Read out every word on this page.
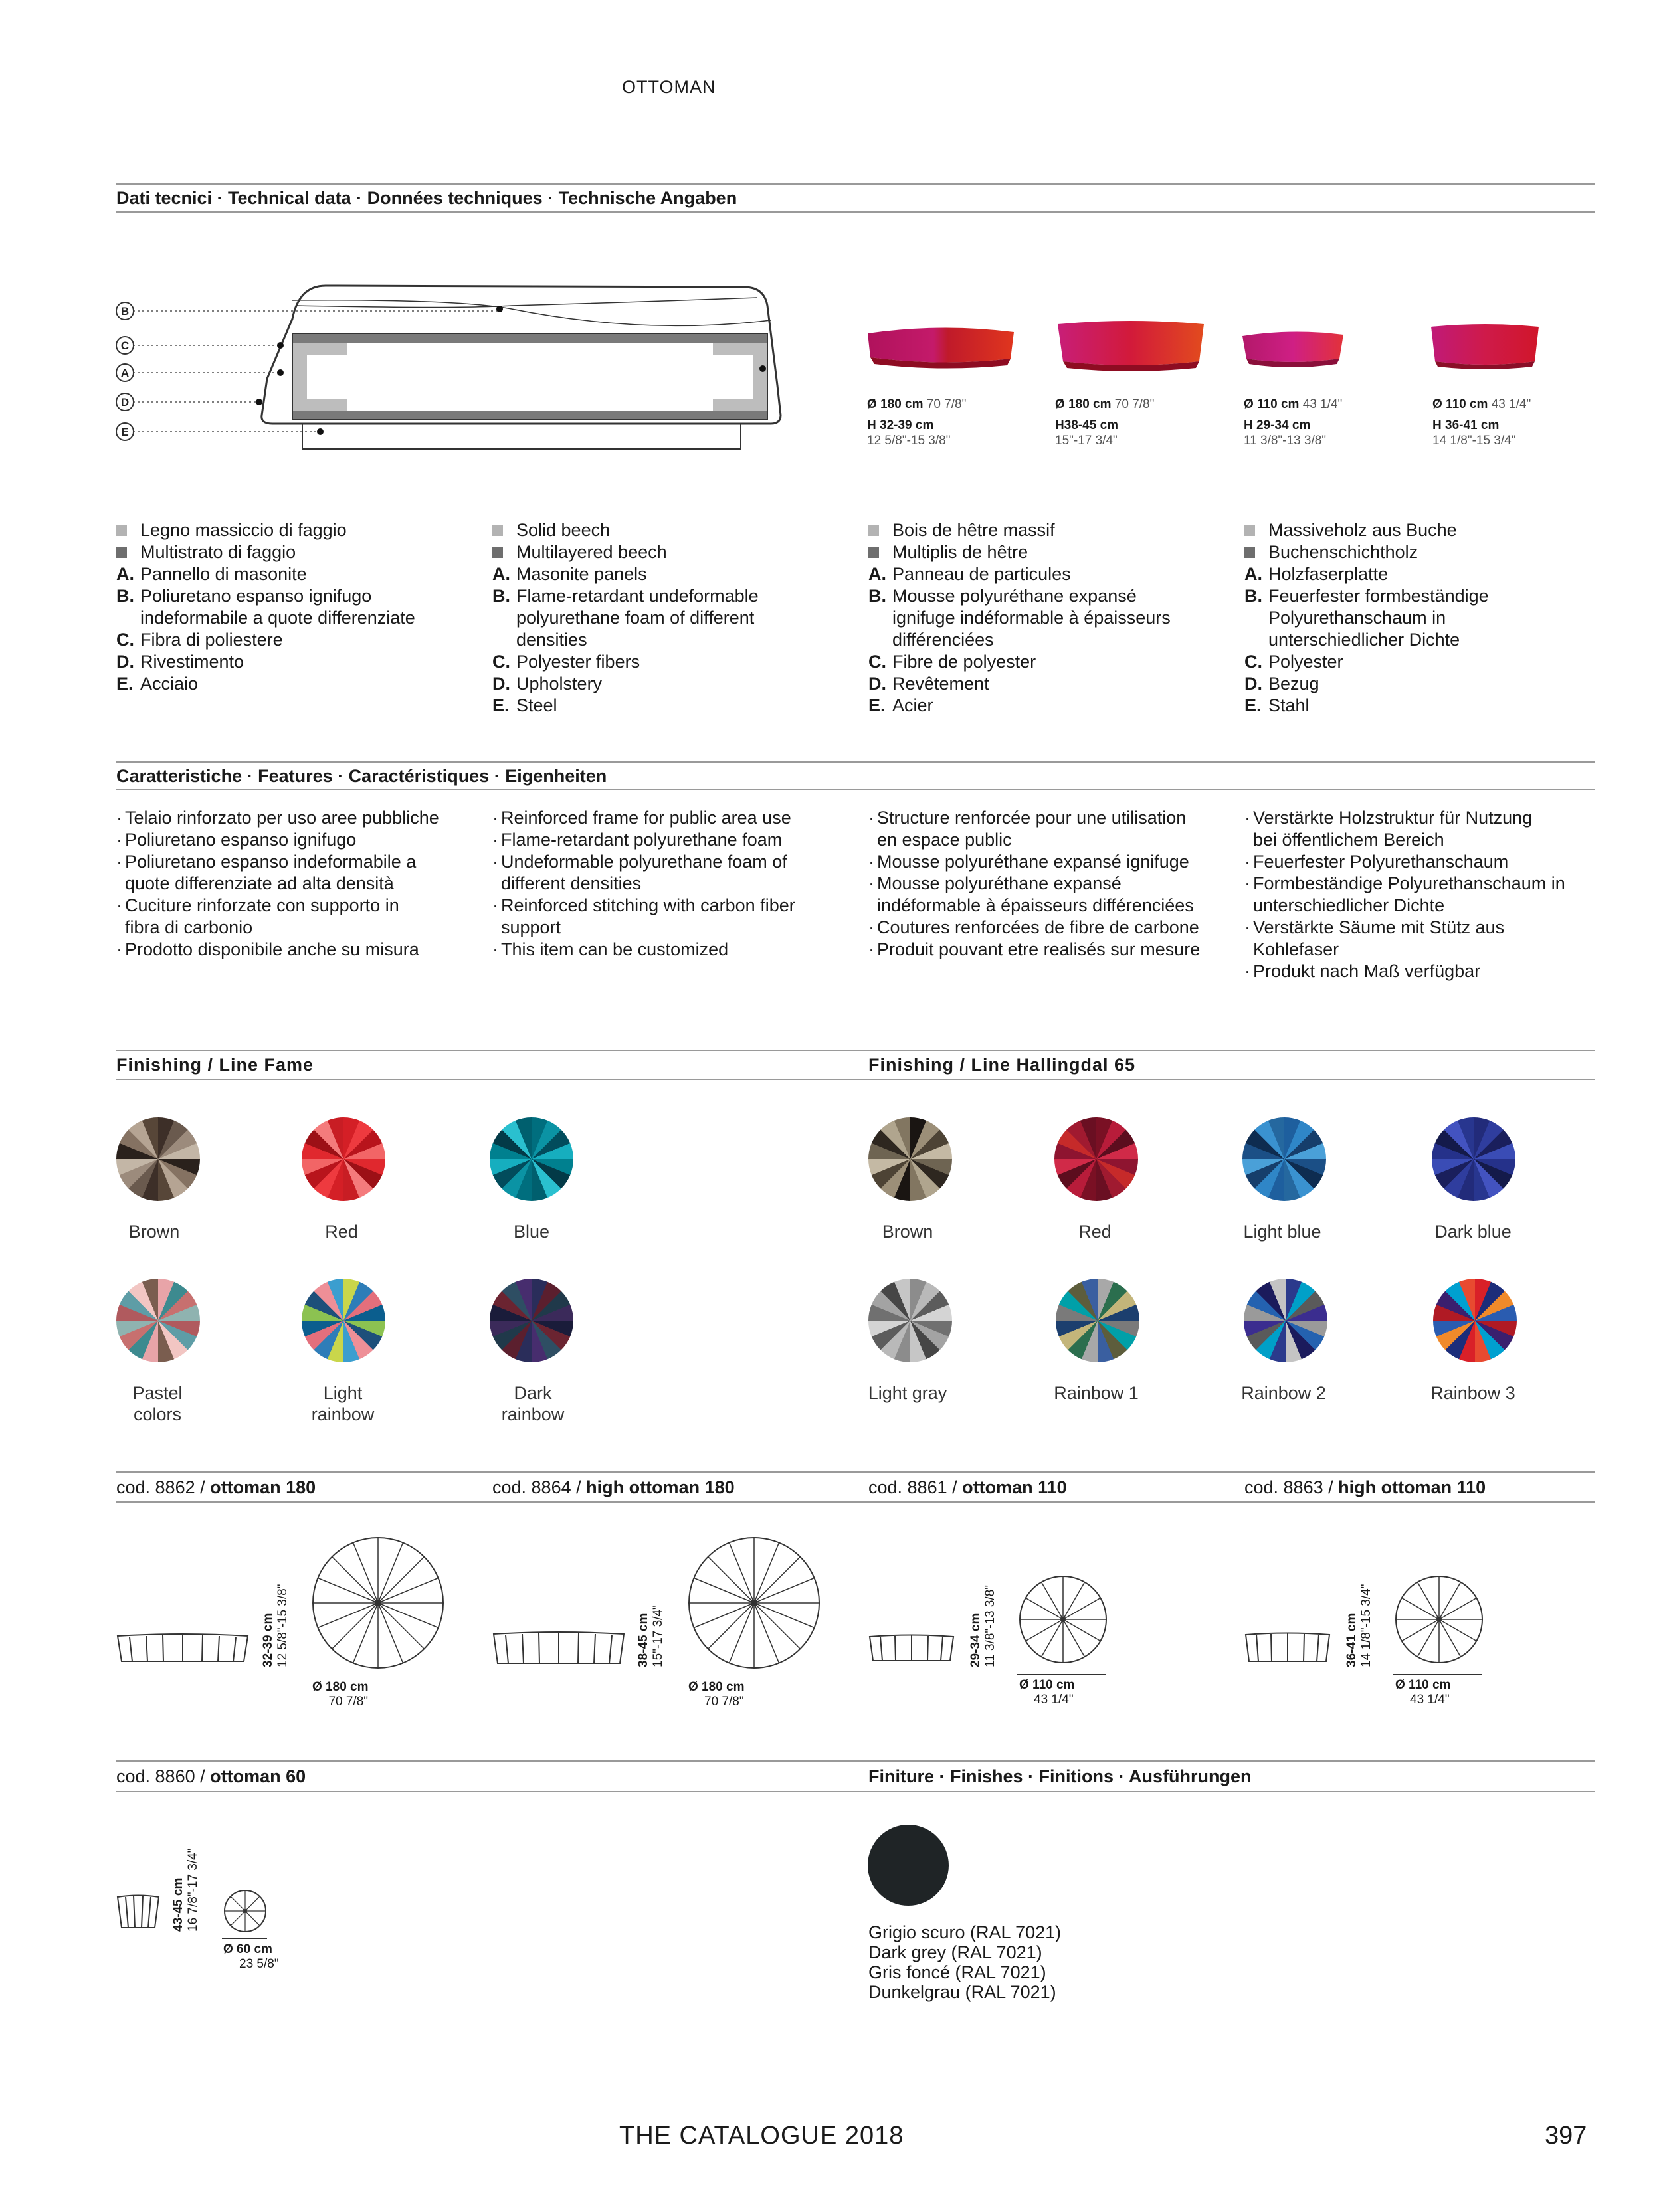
OTTOMAN
Dati tecnici · Technical data · Données techniques · Technische Angaben
B
C
A
D
E
Ø 180 cm 70 7/8"
H 32-39 cm
12 5/8"-15 3/8"
Ø 180 cm 70 7/8"
H38-45 cm
15"-17 3/4"
Ø 110 cm 43 1/4"
H 29-34 cm
11 3/8"-13 3/8"
Ø 110 cm 43 1/4"
H 36-41 cm
14 1/8"-15 3/4"
Legno massiccio di faggio
Multistrato di faggio
A. Pannello di masonite
B. Poliuretano espanso ignifugo indeformabile a quote differenziate
C. Fibra di poliestere
D. Rivestimento
E. Acciaio
Solid beech
Multilayered beech
A. Masonite panels
B. Flame-retardant undeformable polyurethane foam of different densities
C. Polyester fibers
D. Upholstery
E. Steel
Bois de hêtre massif
Multiplis de hêtre
A. Panneau de particules
B. Mousse polyuréthane expansé ignifuge indéformable à épaisseurs différenciées
C. Fibre de polyester
D. Revêtement
E. Acier
Massiveholz aus Buche
Buchenschichtholz
A. Holzfaserplatte
B. Feuerfester formbeständige Polyurethanschaum in unterschiedlicher Dichte
C. Polyester
D. Bezug
E. Stahl
Caratteristiche · Features · Caractéristiques · Eigenheiten
· Telaio rinforzato per uso aree pubbliche
· Poliuretano espanso ignifugo
· Poliuretano espanso indeformabile a quote differenziate ad alta densità
· Cuciture rinforzate con supporto in fibra di carbonio
· Prodotto disponibile anche su misura
· Reinforced frame for public area use
· Flame-retardant polyurethane foam
· Undeformable polyurethane foam of different densities
· Reinforced stitching with carbon fiber support
· This item can be customized
· Structure renforcée pour une utilisation en espace public
· Mousse polyuréthane expansé ignifuge
· Mousse polyuréthane expansé indéformable à épaisseurs différenciées
· Coutures renforcées de fibre de carbone
· Produit pouvant etre realisés sur mesure
· Verstärkte Holzstruktur für Nutzung bei öffentlichem Bereich
· Feuerfester Polyurethanschaum
· Formbeständige Polyurethanschaum in unterschiedlicher Dichte
· Verstärkte Säume mit Stütz aus Kohlefaser
· Produkt nach Maß verfügbar
Finishing / Line Fame	Finishing / Line Hallingdal 65
Brown	Red	Blue
Pastel colors
Light rainbow
Dark rainbow
Brown	Red	Light blue	Dark blue
Light gray	Rainbow 1	Rainbow 2	Rainbow 3
cod. 8862 / ottoman 180	cod. 8864 / high ottoman 180	cod. 8861 / ottoman 110	cod. 8863 / high ottoman 110
32-39 cm
12 5/8"-15 3/8"
Ø 180 cm
70 7/8"
38-45 cm
15"-17 3/4"
Ø 180 cm
70 7/8"
29-34 cm
11 3/8"-13 3/8"
Ø 110 cm
43 1/4"
36-41 cm
14 1/8"-15 3/4"
Ø 110 cm
43 1/4"
cod. 8860 / ottoman 60	Finiture · Finishes · Finitions · Ausführungen
43-45 cm
16 7/8"-17 3/4"
Ø 60 cm
23 5/8"
Grigio scuro (RAL 7021)
Dark grey (RAL 7021)
Gris foncé (RAL 7021)
Dunkelgrau (RAL 7021)
THE CATALOGUE 2018	397
